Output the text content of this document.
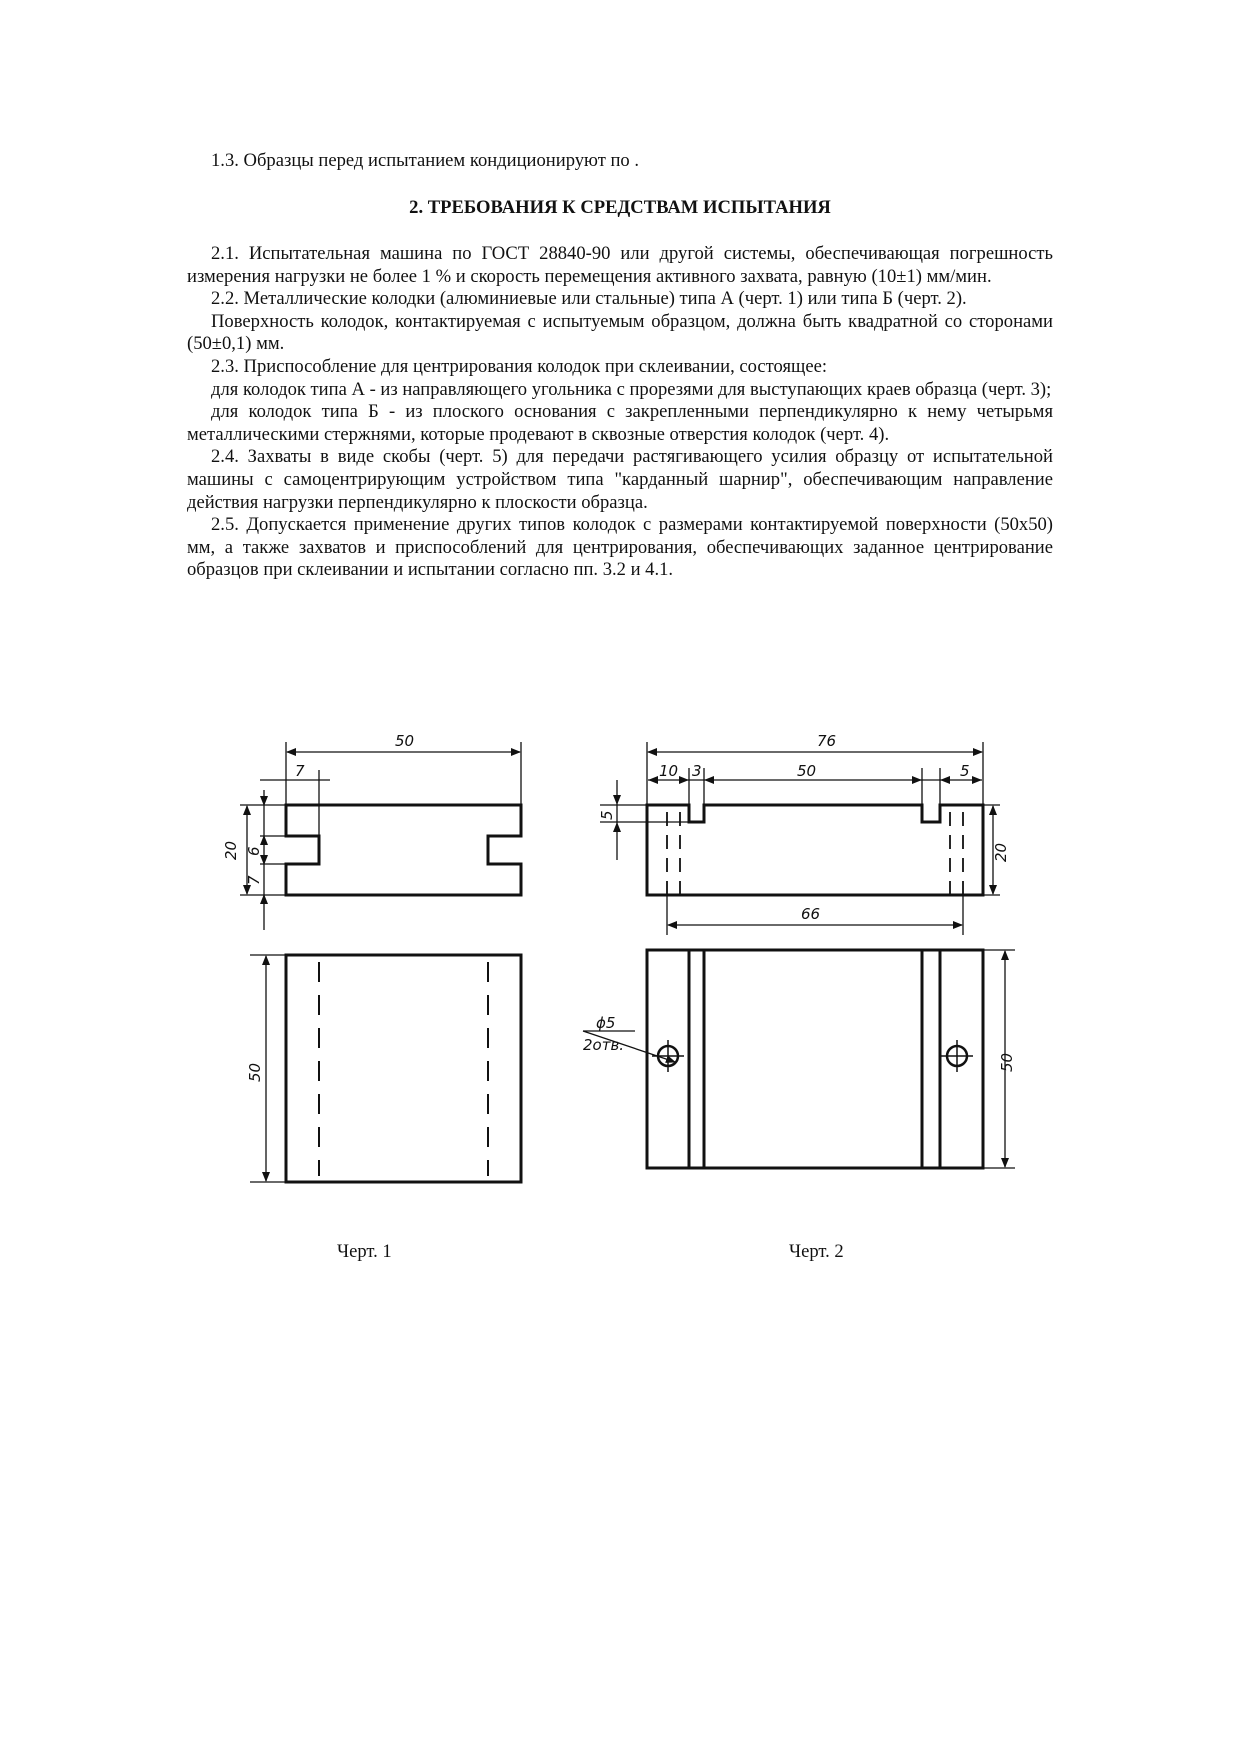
1.3. Образцы перед испытанием кондиционируют по .

2. ТРЕБОВАНИЯ К СРЕДСТВАМ ИСПЫТАНИЯ

2.1. Испытательная машина по ГОСТ 28840-90 или другой системы, обеспечивающая погрешность измерения нагрузки не более 1 % и скорость перемещения активного захвата, равную (10±1) мм/мин.

2.2. Металлические колодки (алюминиевые или стальные) типа А (черт. 1) или типа Б (черт. 2).

Поверхность колодок, контактируемая с испытуемым образцом, должна быть квадратной со сторонами (50±0,1) мм.

2.3. Приспособление для центрирования колодок при склеивании, состоящее:

для колодок типа А - из направляющего угольника с прорезями для выступающих краев образца (черт. 3);

для колодок типа Б - из плоского основания с закрепленными перпендикулярно к нему четырьмя металлическими стержнями, которые продевают в сквозные отверстия колодок (черт. 4).

2.4. Захваты в виде скобы (черт. 5) для передачи растягивающего усилия образцу от испытательной машины с самоцентрирующим устройством типа "карданный шарнир", обеспечивающим направление действия нагрузки перпендикулярно к плоскости образца.

2.5. Допускается применение других типов колодок с размерами контактируемой поверхности (50x50) мм, а также захватов и приспособлений для центрирования, обеспечивающих заданное центрирование образцов при склеивании и испытании согласно пп. 3.2 и 4.1.

50
7
20 6
7
50
76
10 3	50	5
5
20
66
ϕ5
2отв.
50
Черт. 1	Черт. 2
